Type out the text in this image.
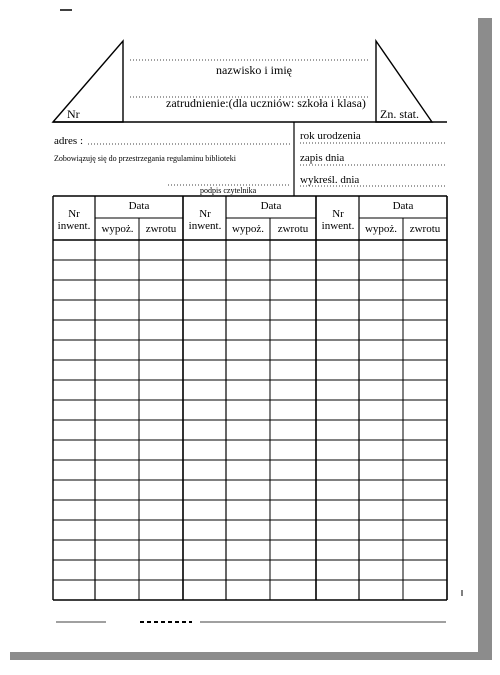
Nr
nazwisko i imię
zatrudnienie:(dla uczniów: szkoła i klasa)
Zn. stat.
adres :
Zobowiązuję się do przestrzegania regulaminu biblioteki
podpis czytelnika
rok urodzenia
zapis dnia
wykreśl. dnia
Nr inwent.
Data
wypoż.	zwrotu
Nr inwent.
Data
wypoż.	zwrotu
Nr inwent.
Data
wypoż.	zwrotu
